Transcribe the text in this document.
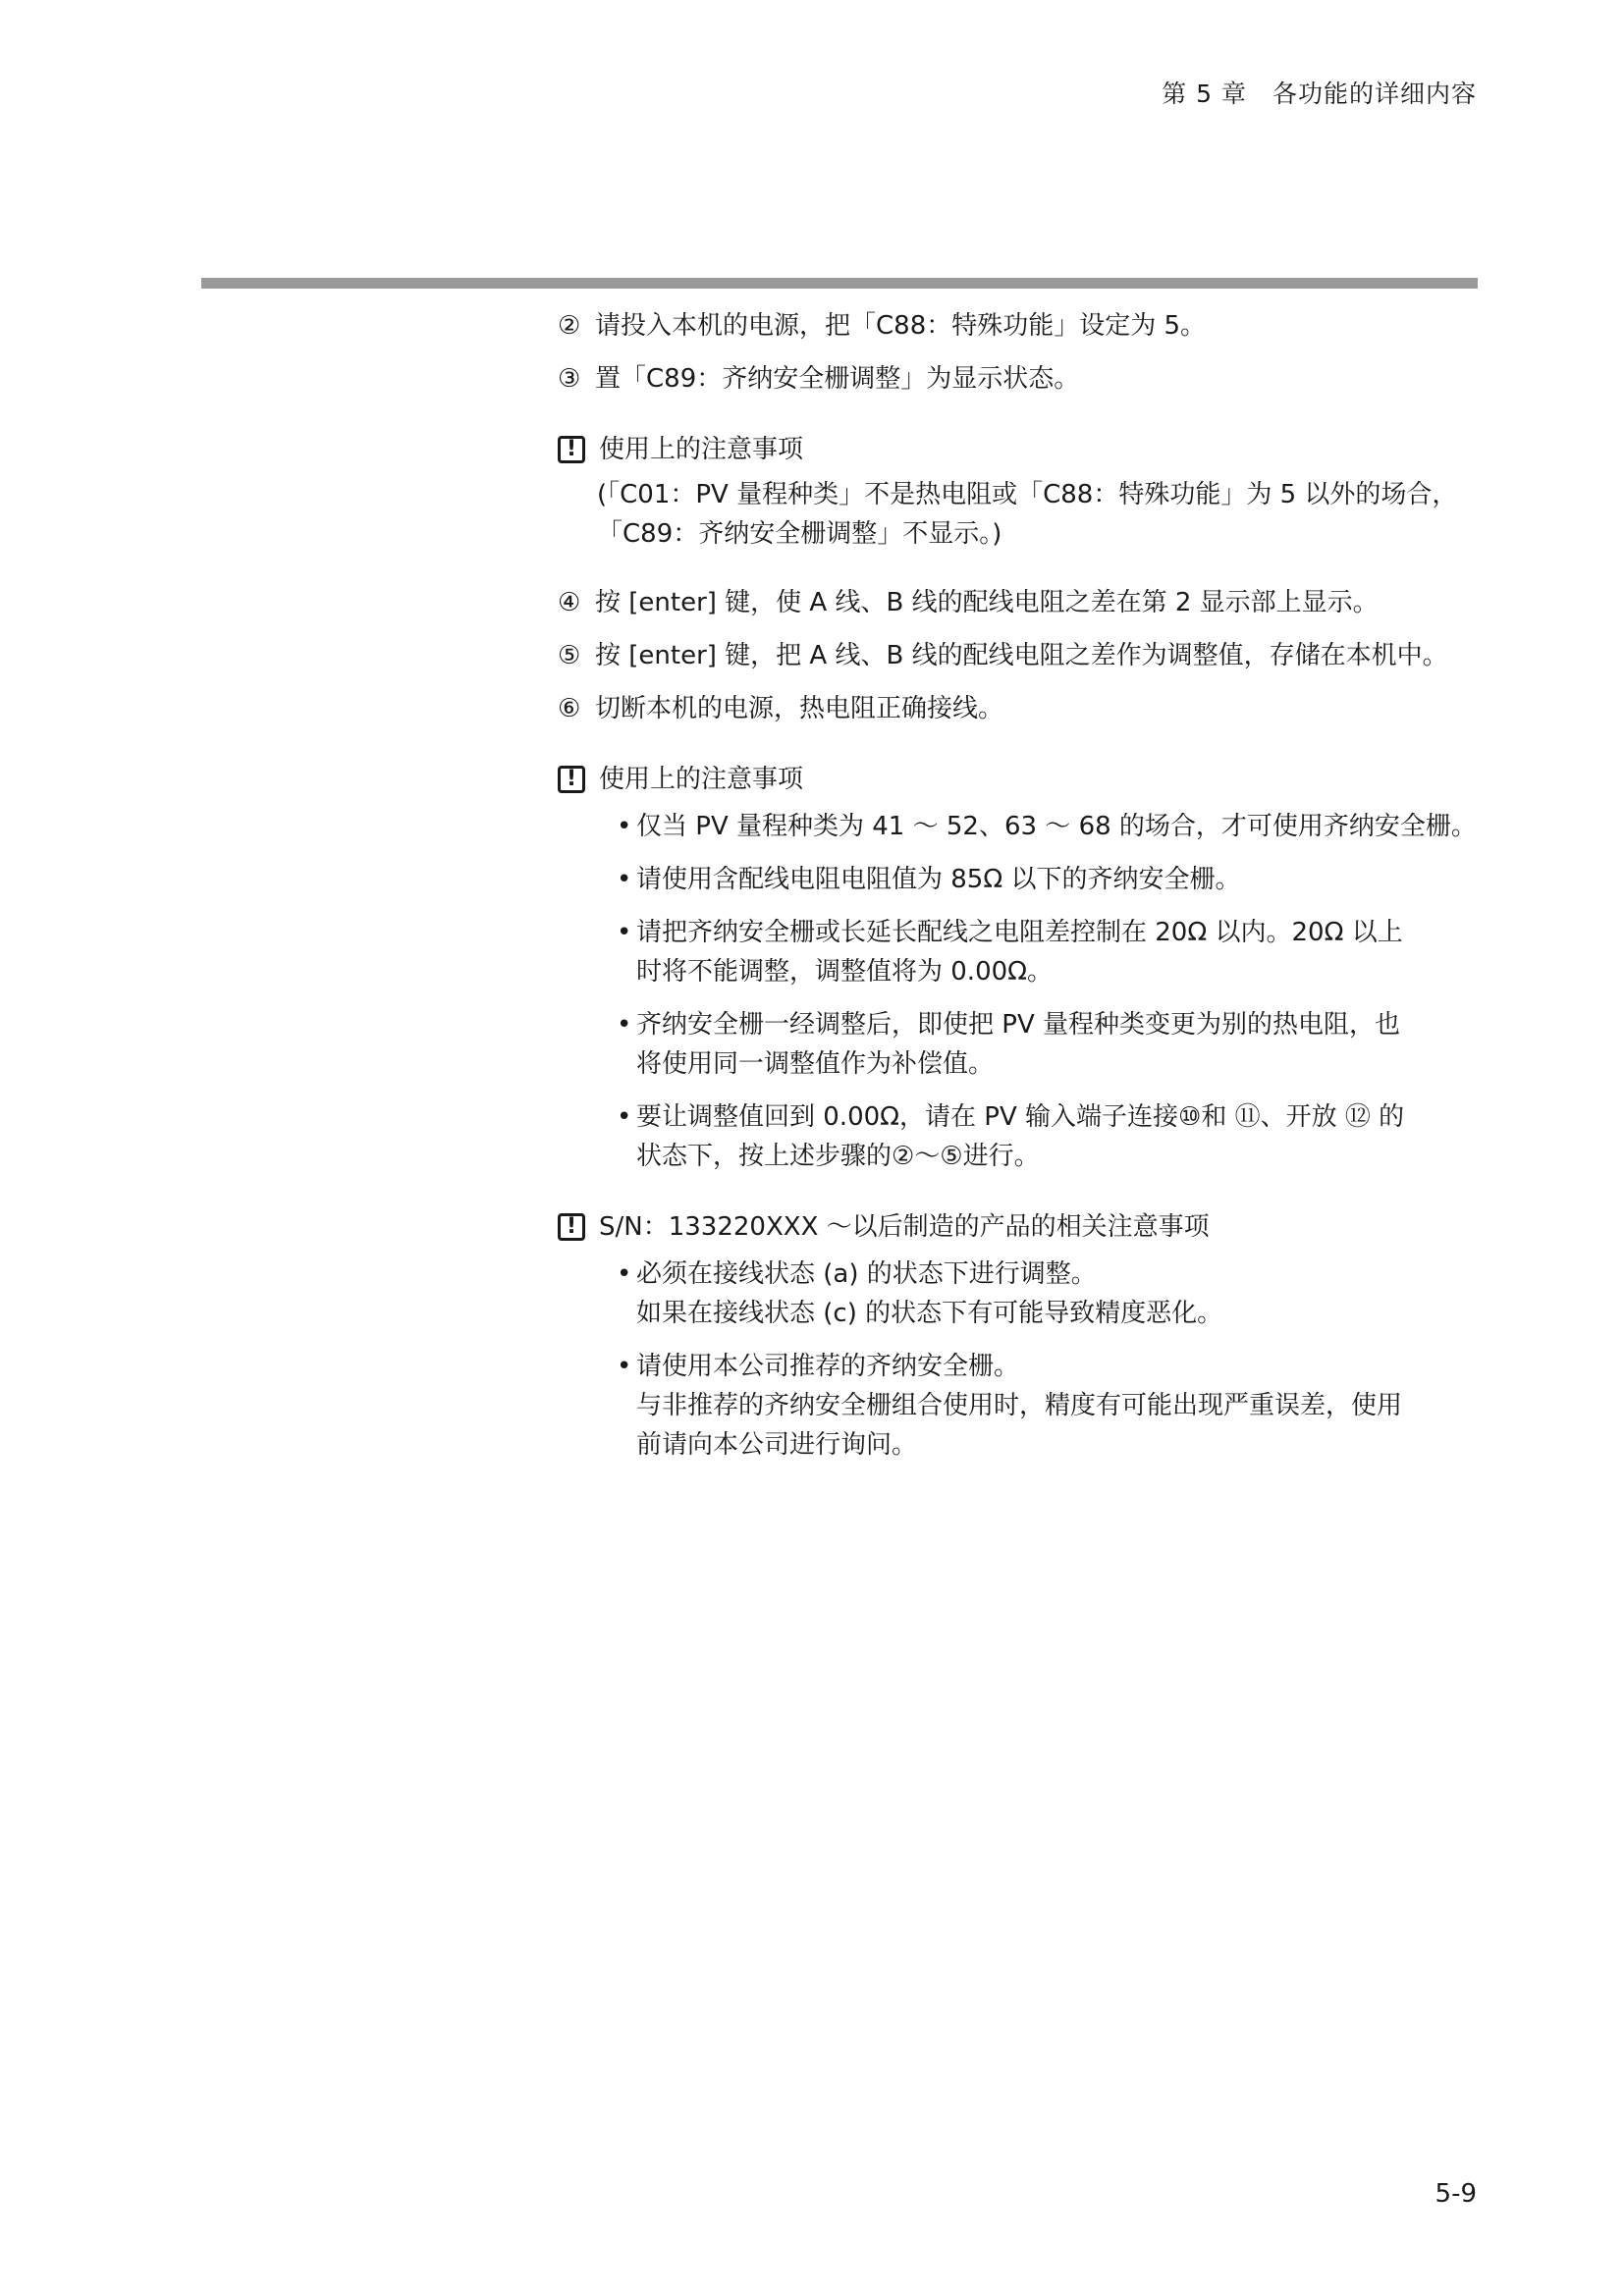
第 5 章　各功能的详细内容
② 请投入本机的电源，把「C88：特殊功能」设定为 5。
③ 置「C89：齐纳安全栅调整」为显示状态。
! 使用上的注意事项
(「C01：PV 量程种类」不是热电阻或「C88：特殊功能」为 5 以外的场合，
「C89：齐纳安全栅调整」不显示。)
④ 按 [enter] 键，使 A 线、B 线的配线电阻之差在第 2 显示部上显示。
⑤ 按 [enter] 键，把 A 线、B 线的配线电阻之差作为调整值，存储在本机中。
⑥ 切断本机的电源，热电阻正确接线。
! 使用上的注意事项
• 仅当 PV 量程种类为 41 ～ 52、63 ～ 68 的场合，才可使用齐纳安全栅。
• 请使用含配线电阻电阻值为 85Ω 以下的齐纳安全栅。
• 请把齐纳安全栅或长延长配线之电阻差控制在 20Ω 以内。20Ω 以上
时将不能调整，调整值将为 0.00Ω。
• 齐纳安全栅一经调整后，即使把 PV 量程种类变更为别的热电阻，也
将使用同一调整值作为补偿值。
• 要让调整值回到 0.00Ω，请在 PV 输入端子连接⑩和 ⑪、开放 ⑫ 的
状态下，按上述步骤的②～⑤进行。
! S/N：133220XXX ～以后制造的产品的相关注意事项
• 必须在接线状态 (a) 的状态下进行调整。
如果在接线状态 (c) 的状态下有可能导致精度恶化。
• 请使用本公司推荐的齐纳安全栅。
与非推荐的齐纳安全栅组合使用时，精度有可能出现严重误差，使用
前请向本公司进行询问。
5-9
